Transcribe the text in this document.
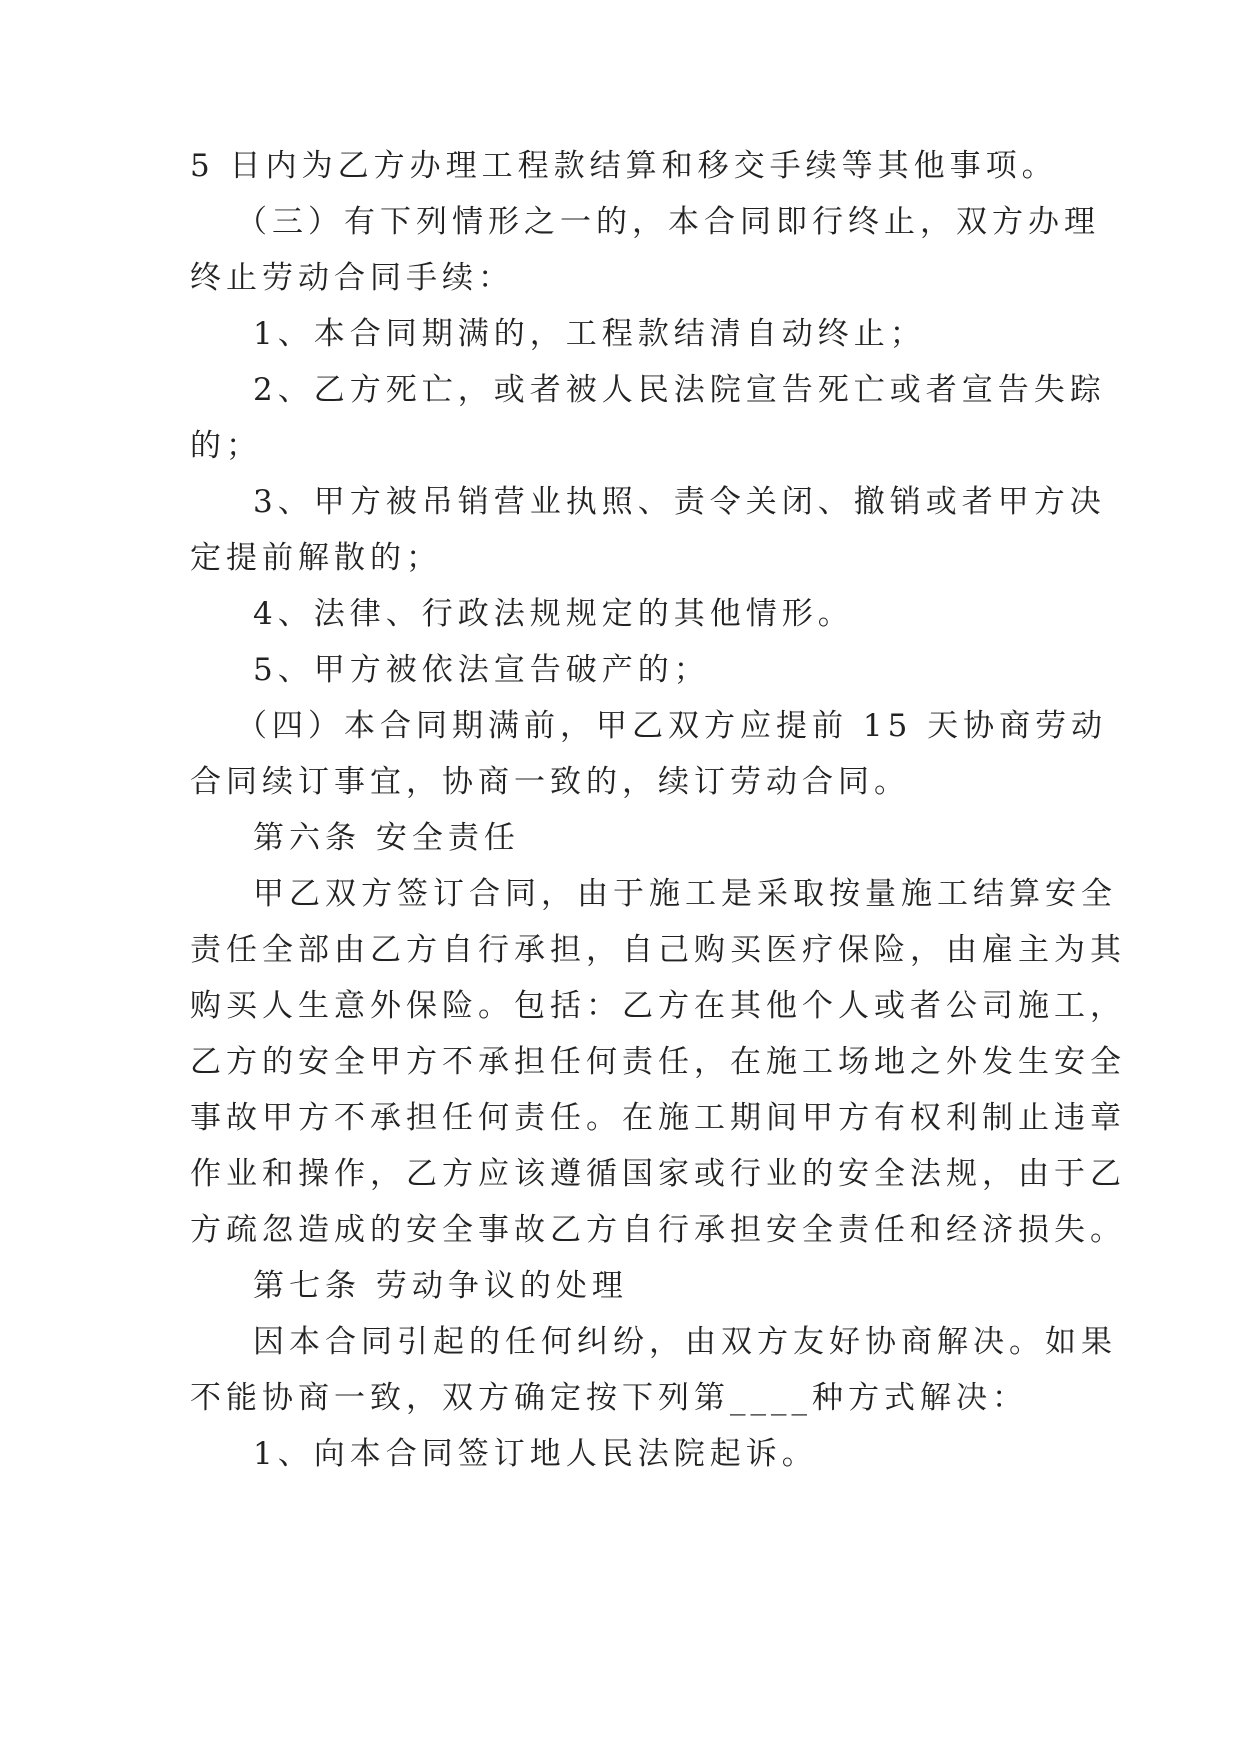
5 日内为乙方办理工程款结算和移交手续等其他事项。
（三）有下列情形之一的，本合同即行终止，双方办理
终止劳动合同手续：
1、本合同期满的，工程款结清自动终止；
2、乙方死亡，或者被人民法院宣告死亡或者宣告失踪
的；
3、甲方被吊销营业执照、责令关闭、撤销或者甲方决
定提前解散的；
4、法律、行政法规规定的其他情形。
5、甲方被依法宣告破产的；
（四）本合同期满前，甲乙双方应提前 15 天协商劳动
合同续订事宜，协商一致的，续订劳动合同。
第六条 安全责任
甲乙双方签订合同，由于施工是采取按量施工结算安全
责任全部由乙方自行承担，自己购买医疗保险，由雇主为其
购买人生意外保险。包括：乙方在其他个人或者公司施工，
乙方的安全甲方不承担任何责任，在施工场地之外发生安全
事故甲方不承担任何责任。在施工期间甲方有权利制止违章
作业和操作，乙方应该遵循国家或行业的安全法规，由于乙
方疏忽造成的安全事故乙方自行承担安全责任和经济损失。
第七条 劳动争议的处理
因本合同引起的任何纠纷，由双方友好协商解决。如果
不能协商一致，双方确定按下列第____种方式解决：
1、向本合同签订地人民法院起诉。
